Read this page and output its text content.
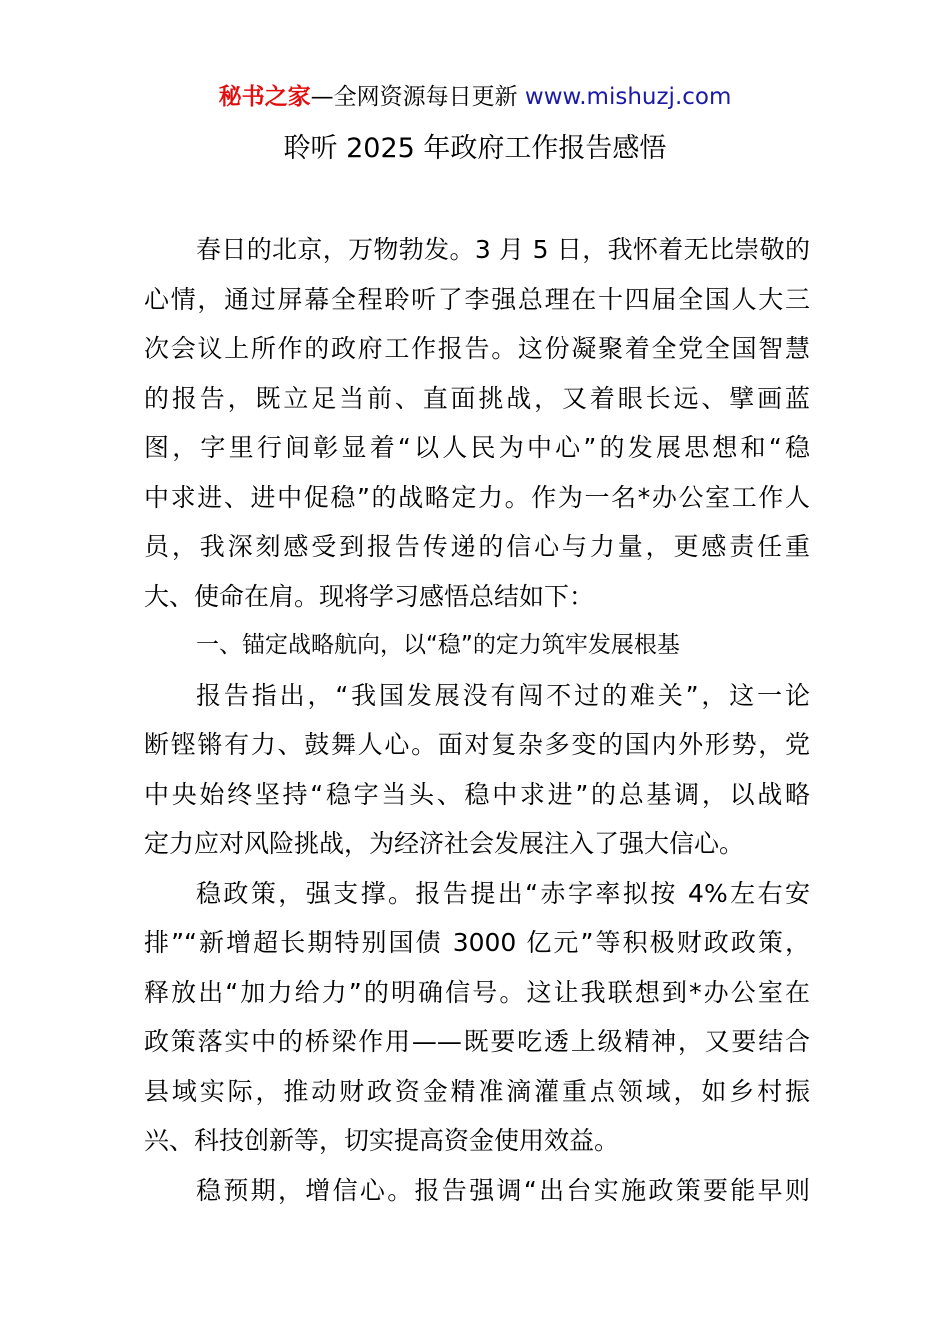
秘书之家—全网资源每日更新 www.mishuzj.com
聆听 2025 年政府工作报告感悟
春日的北京，万物勃发。3 月 5 日，我怀着无比崇敬的
心情，通过屏幕全程聆听了李强总理在十四届全国人大三
次会议上所作的政府工作报告。这份凝聚着全党全国智慧
的报告，既立足当前、直面挑战，又着眼长远、擘画蓝
图，字里行间彰显着“以人民为中心”的发展思想和“稳
中求进、进中促稳”的战略定力。作为一名*办公室工作人
员，我深刻感受到报告传递的信心与力量，更感责任重
大、使命在肩。现将学习感悟总结如下：
一、锚定战略航向，以“稳”的定力筑牢发展根基
报告指出，“我国发展没有闯不过的难关”，这一论
断铿锵有力、鼓舞人心。面对复杂多变的国内外形势，党
中央始终坚持“稳字当头、稳中求进”的总基调，以战略
定力应对风险挑战，为经济社会发展注入了强大信心。
稳政策，强支撑。报告提出“赤字率拟按 4%左右安
排”“新增超长期特别国债 3000 亿元”等积极财政政策，
释放出“加力给力”的明确信号。这让我联想到*办公室在
政策落实中的桥梁作用——既要吃透上级精神，又要结合
县域实际，推动财政资金精准滴灌重点领域，如乡村振
兴、科技创新等，切实提高资金使用效益。
稳预期，增信心。报告强调“出台实施政策要能早则
